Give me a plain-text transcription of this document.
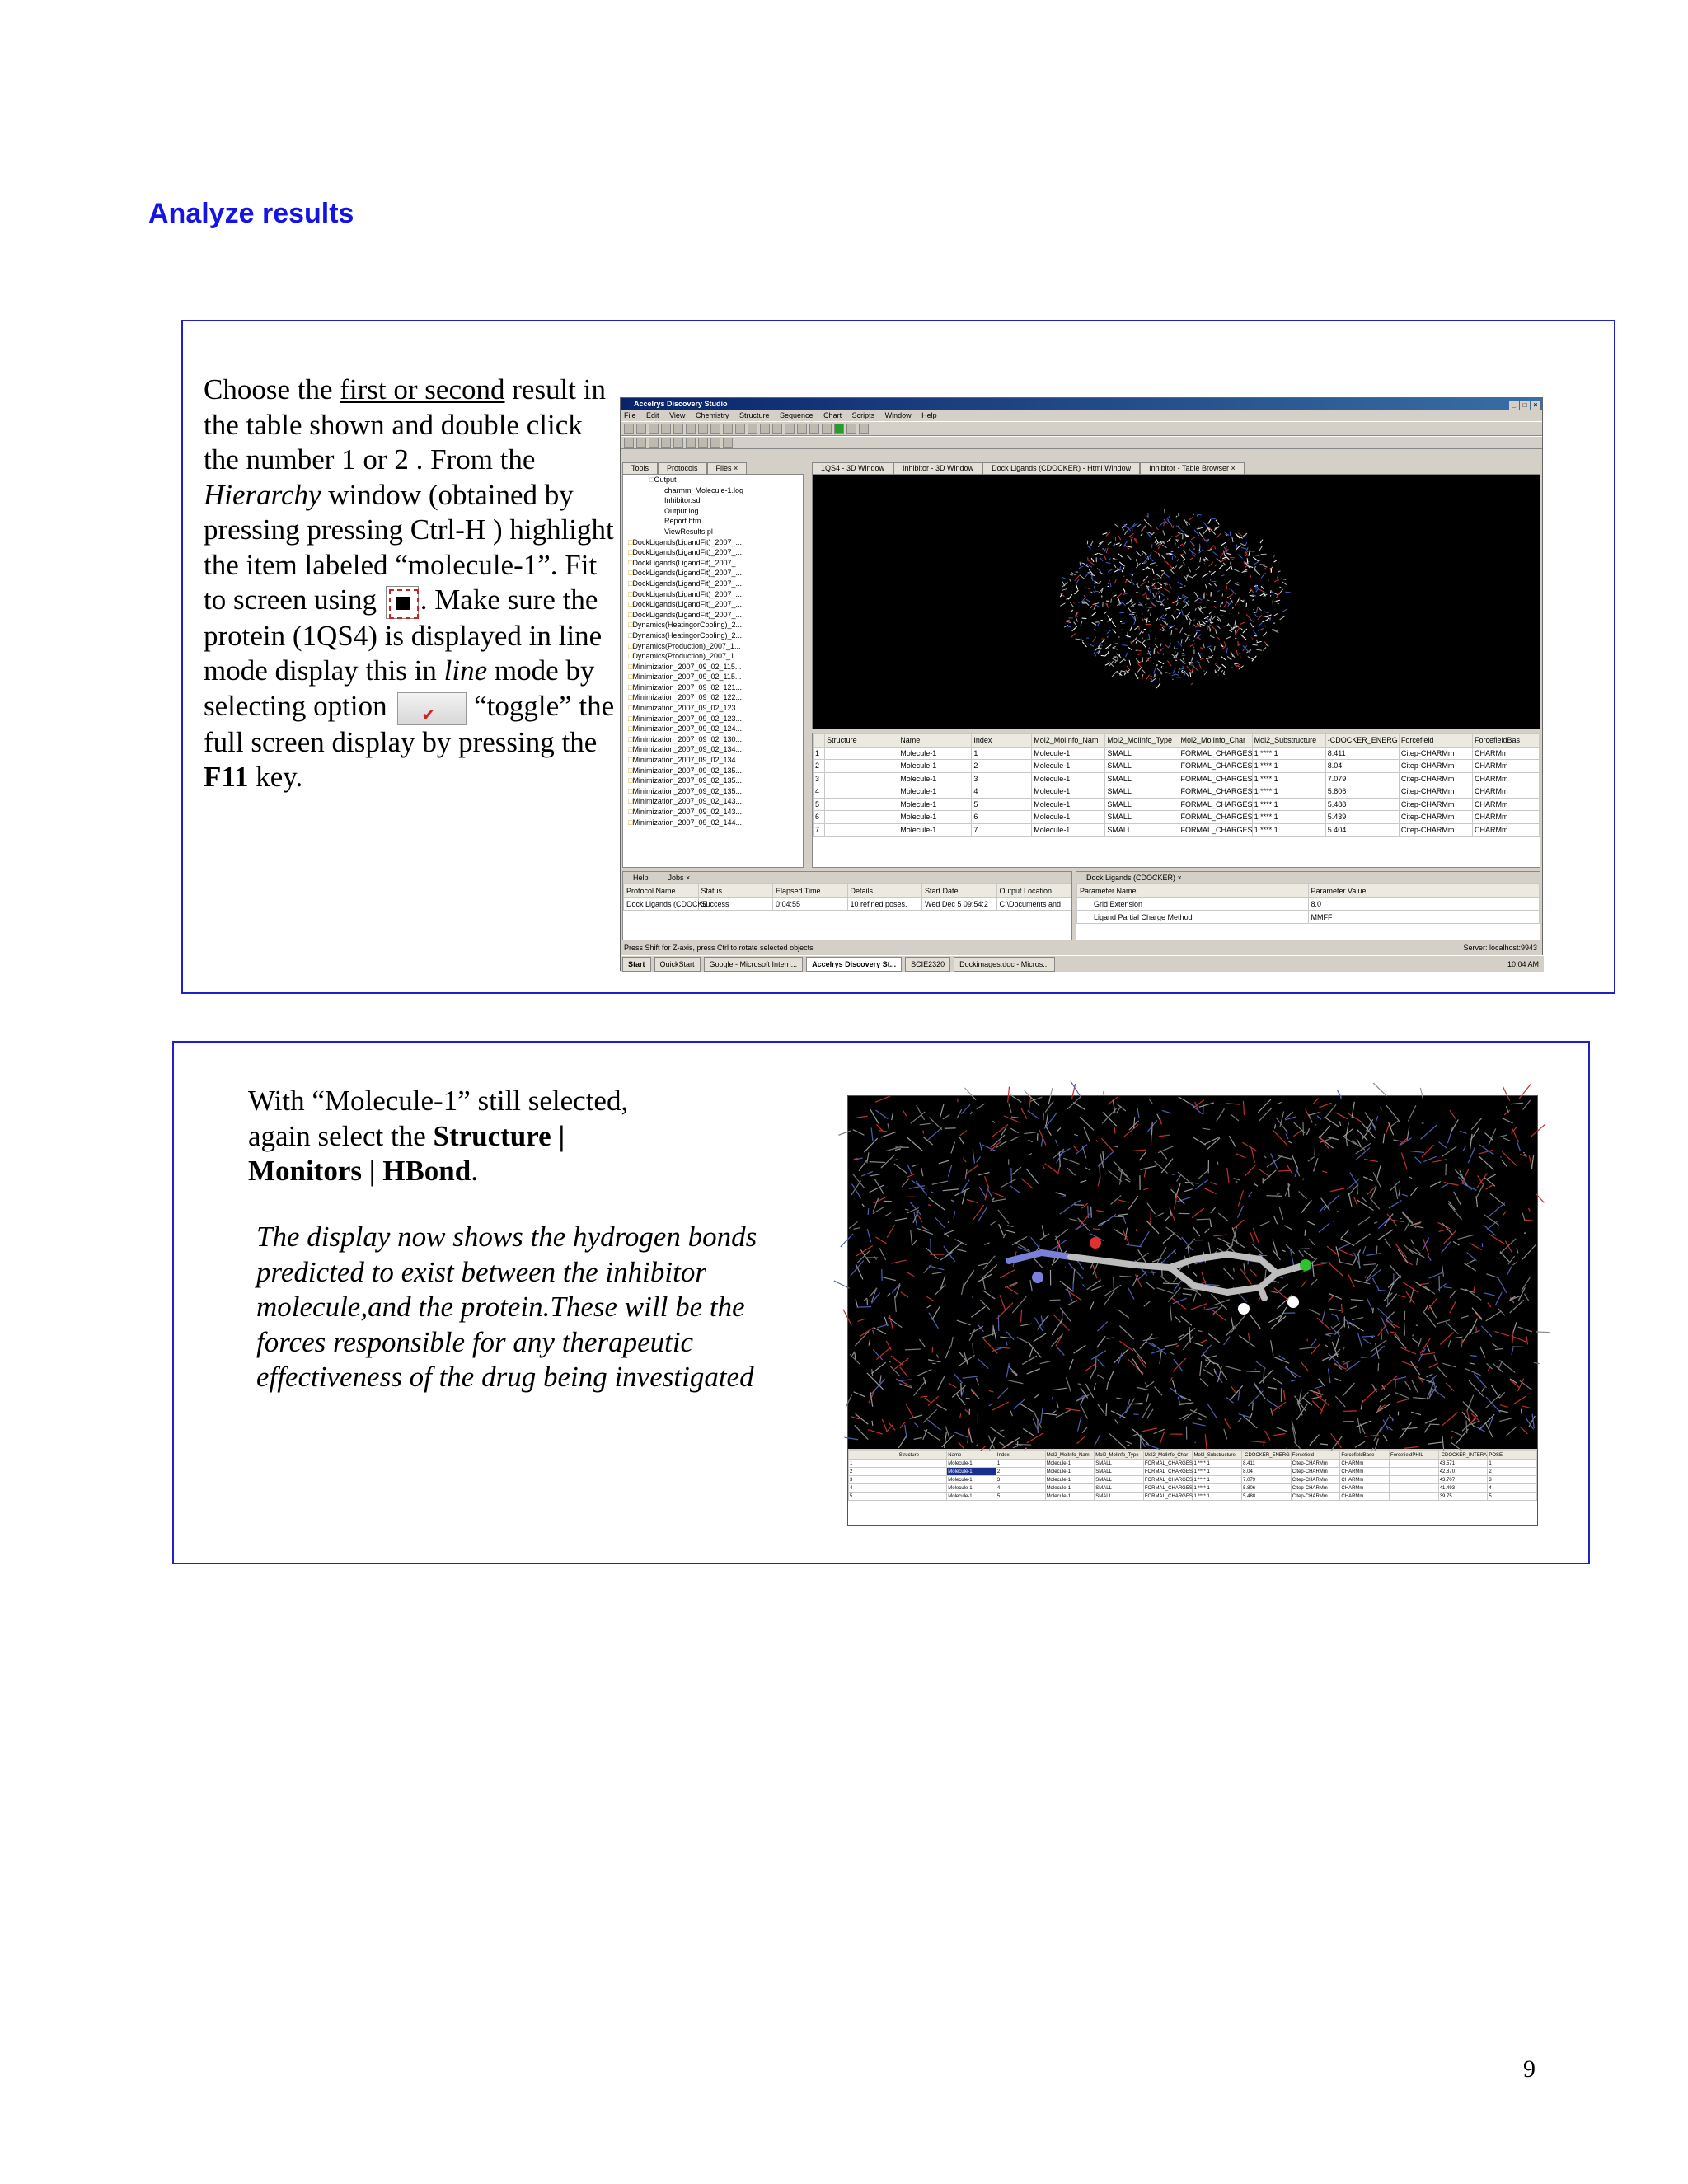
Analyze results
Choose the first or second result in the table shown and double click the number 1 or 2 . From the Hierarchy window (obtained by pressing pressing Ctrl-H ) highlight the item labeled “molecule-1”. Fit to screen using . Make sure the protein (1QS4) is displayed in line mode display this in line mode by selecting option ✔	“toggle” the full screen display by pressing the F11 key.
Accelrys Discovery Studio	_ □ ×
File Edit View Chemistry Structure Sequence Chart Scripts Window Help
Tools	Protocols	Files ×	1QS4 - 3D Window	Inhibitor - 3D Window	Dock Ligands (CDOCKER) - Html Window	Inhibitor - Table Browser ×
□ Output
charmm_Molecule-1.log
Inhibitor.sd
Output.log
Report.htm
ViewResults.pl
□ DockLigands(LigandFit)_2007_...
□ DockLigands(LigandFit)_2007_...
□ DockLigands(LigandFit)_2007_...
□ DockLigands(LigandFit)_2007_...
□ DockLigands(LigandFit)_2007_...
□ DockLigands(LigandFit)_2007_...
□ DockLigands(LigandFit)_2007_...
□ DockLigands(LigandFit)_2007_...
□ Dynamics(HeatingorCooling)_2...
□ Dynamics(HeatingorCooling)_2...
□ Dynamics(Production)_2007_1...
□ Dynamics(Production)_2007_1...
□ Minimization_2007_09_02_115...
□ Minimization_2007_09_02_115...
□ Minimization_2007_09_02_121...
□ Minimization_2007_09_02_122...
□ Minimization_2007_09_02_123...
□ Minimization_2007_09_02_123...
□ Minimization_2007_09_02_124...
□ Minimization_2007_09_02_130...
□ Minimization_2007_09_02_134...
□ Minimization_2007_09_02_134...
□ Minimization_2007_09_02_135...
□ Minimization_2007_09_02_135...
□ Minimization_2007_09_02_135...
□ Minimization_2007_09_02_143...
□ Minimization_2007_09_02_143...
□ Minimization_2007_09_02_144...
	Structure	Name	Index	Mol2_MolInfo_Nam	Mol2_MolInfo_Type	Mol2_MolInfo_Char	Mol2_Substructure	-CDOCKER_ENERG	Forcefield	ForcefieldBas
1		Molecule-1	1	Molecule-1	SMALL	FORMAL_CHARGES	1 **** 1	8.411	Citep-CHARMm	CHARMm
2		Molecule-1	2	Molecule-1	SMALL	FORMAL_CHARGES	1 **** 1	8.04	Citep-CHARMm	CHARMm
3		Molecule-1	3	Molecule-1	SMALL	FORMAL_CHARGES	1 **** 1	7.079	Citep-CHARMm	CHARMm
4		Molecule-1	4	Molecule-1	SMALL	FORMAL_CHARGES	1 **** 1	5.806	Citep-CHARMm	CHARMm
5		Molecule-1	5	Molecule-1	SMALL	FORMAL_CHARGES	1 **** 1	5.488	Citep-CHARMm	CHARMm
6		Molecule-1	6	Molecule-1	SMALL	FORMAL_CHARGES	1 **** 1	5.439	Citep-CHARMm	CHARMm
7		Molecule-1	7	Molecule-1	SMALL	FORMAL_CHARGES	1 **** 1	5.404	Citep-CHARMm	CHARMm
Help	Jobs ×
Protocol Name	Status	Elapsed Time	Details	Start Date	Output Location
Dock Ligands (CDOCKE	Success	0:04:55	10 refined poses.	Wed Dec 5 09:54:2	C:\Documents and
Dock Ligands (CDOCKER) ×
Parameter Name	Parameter Value
Grid Extension	8.0
Ligand Partial Charge Method	MMFF
Press Shift for Z-axis, press Ctrl to rotate selected objects	Server: localhost:9943
Start	QuickStart	Google - Microsoft Intern...	Accelrys Discovery St...	SCIE2320	Dockimages.doc - Micros...	10:04 AM
With “Molecule-1” still selected, again select the Structure | Monitors | HBond.
The display now shows the hydrogen bonds predicted to exist between the inhibitor molecule,and the protein.These will be the forces responsible for any therapeutic effectiveness of the drug being investigated
	Structure	Name	Index	Mol2_MolInfo_Nam	Mol2_MolInfo_Type	Mol2_MolInfo_Char	Mol2_Substructure	-CDOCKER_ENERG	Forcefield	ForcefieldBase	ForcefieldPHIL	-CDOCKER_INTERA	POSE
1		Molecule-1	1	Molecule-1	SMALL	FORMAL_CHARGES	1 **** 1	8.411	Citep-CHARMm	CHARMm		43.571	1
2		Molecule-1	2	Molecule-1	SMALL	FORMAL_CHARGES	1 **** 1	8.04	Citep-CHARMm	CHARMm		42.870	2
3		Molecule-1	3	Molecule-1	SMALL	FORMAL_CHARGES	1 **** 1	7.079	Citep-CHARMm	CHARMm		43.707	3
4		Molecule-1	4	Molecule-1	SMALL	FORMAL_CHARGES	1 **** 1	5.806	Citep-CHARMm	CHARMm		41.493	4
5		Molecule-1	5	Molecule-1	SMALL	FORMAL_CHARGES	1 **** 1	5.488	Citep-CHARMm	CHARMm		39.75	5
9
